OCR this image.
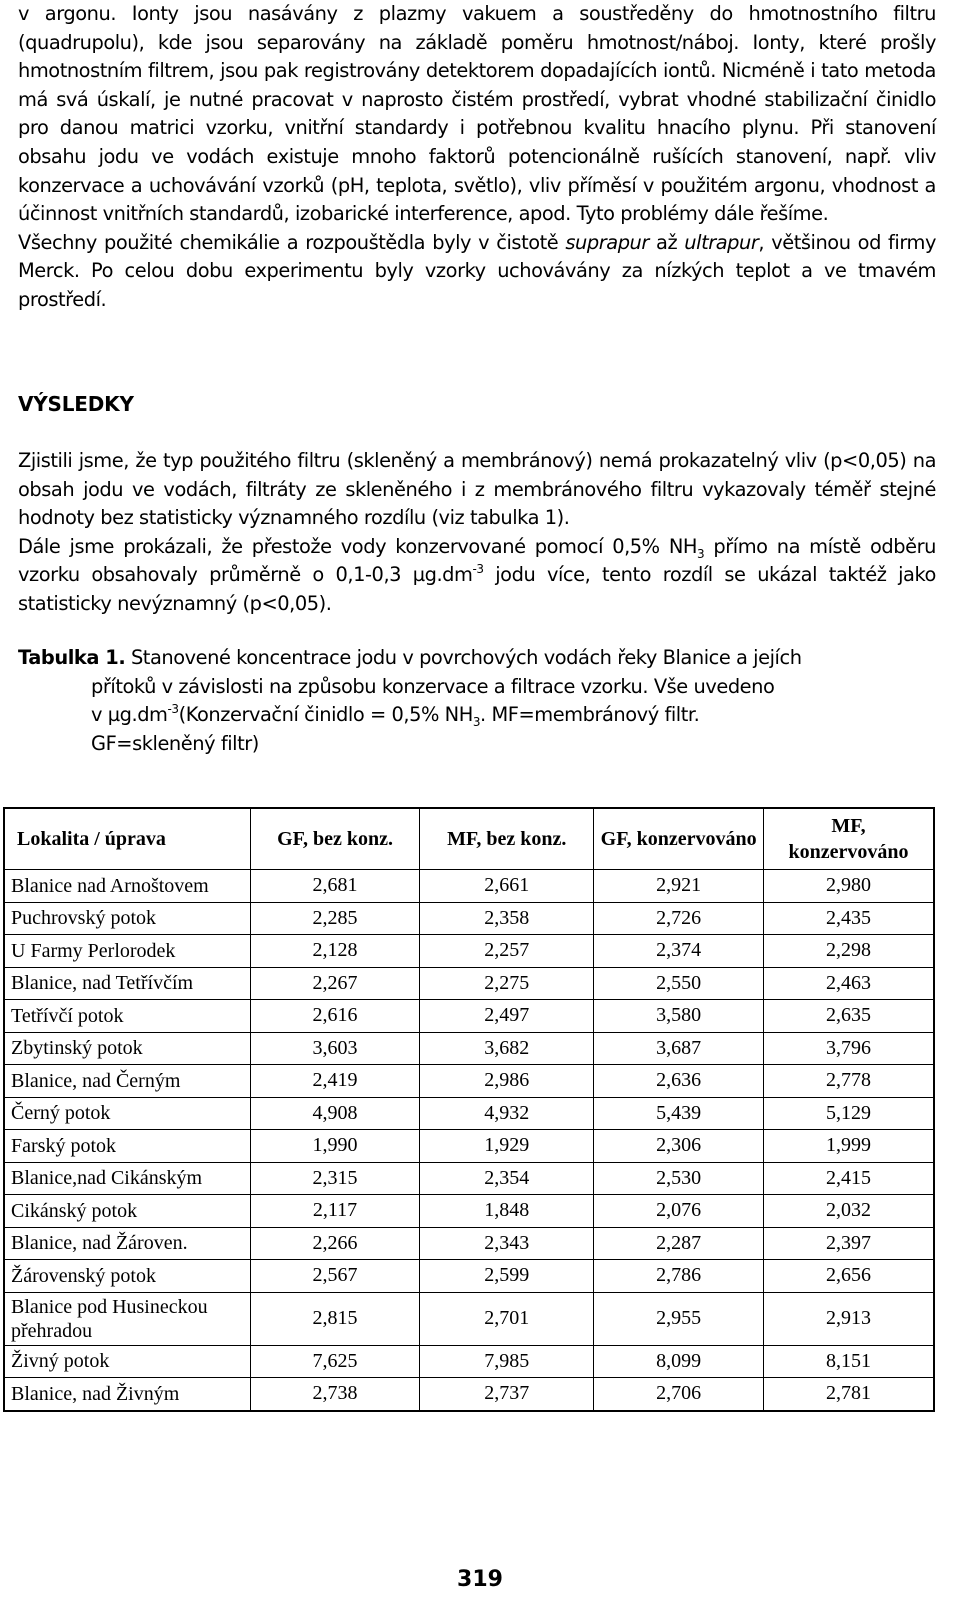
v argonu. Ionty jsou nasávány z plazmy vakuem a soustředěny do hmotnostního filtru (quadrupolu), kde jsou separovány na základě poměru hmotnost/náboj. Ionty, které prošly hmotnostním filtrem, jsou pak registrovány detektorem dopadajících iontů. Nicméně i tato metoda má svá úskalí, je nutné pracovat v naprosto čistém prostředí, vybrat vhodné stabilizační činidlo pro danou matrici vzorku, vnitřní standardy i potřebnou kvalitu hnacího plynu. Při stanovení obsahu jodu ve vodách existuje mnoho faktorů potencionálně rušících stanovení, např. vliv konzervace a uchovávání vzorků (pH, teplota, světlo), vliv příměsí v použitém argonu, vhodnost a účinnost vnitřních standardů, izobarické interference, apod. Tyto problémy dále řešíme.
Všechny použité chemikálie a rozpouštědla byly v čistotě suprapur až ultrapur, většinou od firmy Merck. Po celou dobu experimentu byly vzorky uchovávány za nízkých teplot a ve tmavém prostředí.

VÝSLEDKY

Zjistili jsme, že typ použitého filtru (skleněný a membránový) nemá prokazatelný vliv (p<0,05) na obsah jodu ve vodách, filtráty ze skleněného i z membránového filtru vykazovaly téměř stejné hodnoty bez statisticky významného rozdílu (viz tabulka 1).
Dále jsme prokázali, že přestože vody konzervované pomocí 0,5% $NH_3$ přímo na místě odběru vzorku obsahovaly průměrně o 0,1-0,3 $\mu g.dm^{-3}$ jodu více, tento rozdíl se ukázal taktéž jako statisticky nevýznamný (p<0,05).

Tabulka 1. Stanovené koncentrace jodu v povrchových vodách řeky Blanice a jejích
přítoků v závislosti na způsobu konzervace a filtrace vzorku. Vše uvedeno
v $\mu g.dm^{-3}(Konzervační$ činidlo = 0,5% $NH_3$. MF=membránový filtr.
GF=skleněný filtr)
Lokalita / úprava	GF, bez konz.	MF, bez konz.	GF, konzervováno	MF, konzervováno
Blanice nad Arnoštovem	2,681	2,661	2,921	2,980
Puchrovský potok	2,285	2,358	2,726	2,435
U Farmy Perlorodek	2,128	2,257	2,374	2,298
Blanice, nad Tetřívčím	2,267	2,275	2,550	2,463
Tetřívčí potok	2,616	2,497	3,580	2,635
Zbytinský potok	3,603	3,682	3,687	3,796
Blanice, nad Černým	2,419	2,986	2,636	2,778
Černý potok	4,908	4,932	5,439	5,129
Farský potok	1,990	1,929	2,306	1,999
Blanice,nad Cikánským	2,315	2,354	2,530	2,415
Cikánský potok	2,117	1,848	2,076	2,032
Blanice, nad Žároven.	2,266	2,343	2,287	2,397
Žárovenský potok	2,567	2,599	2,786	2,656
Blanice pod Husineckou přehradou	2,815	2,701	2,955	2,913
Živný potok	7,625	7,985	8,099	8,151
Blanice, nad Živným	2,738	2,737	2,706	2,781

319
